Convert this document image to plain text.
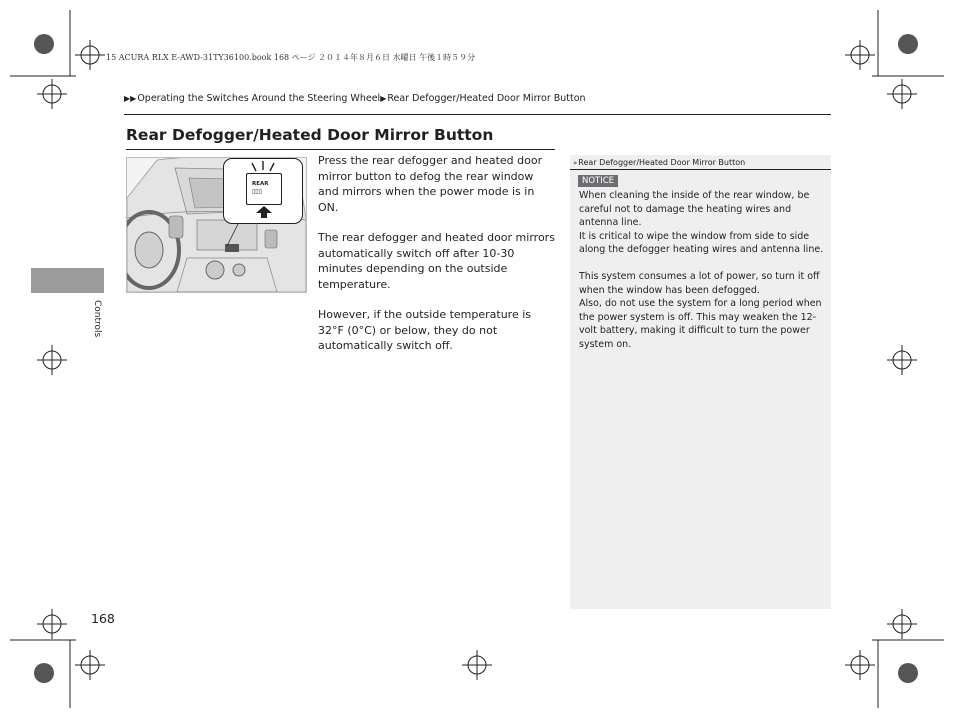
15 ACURA RLX E-AWD-31TY36100.book 168 ページ ２０１４年８月６日 水曜日 午後１時５９分
▶▶Operating the Switches Around the Steering Wheel▶Rear Defogger/Heated Door Mirror Button
Rear Defogger/Heated Door Mirror Button
REAR
▯▯▯

Press the rear defogger and heated door mirror button to defog the rear window and mirrors when the power mode is in ON.

The rear defogger and heated door mirrors automatically switch off after 10-30 minutes depending on the outside temperature.

However, if the outside temperature is 32°F (0°C) or below, they do not automatically switch off.

»Rear Defogger/Heated Door Mirror Button
NOTICE

When cleaning the inside of the rear window, be careful not to damage the heating wires and antenna line.

It is critical to wipe the window from side to side along the defogger heating wires and antenna line.

This system consumes a lot of power, so turn it off when the window has been defogged.

Also, do not use the system for a long period when the power system is off. This may weaken the 12-volt battery, making it difficult to turn the power system on.

Controls
168
